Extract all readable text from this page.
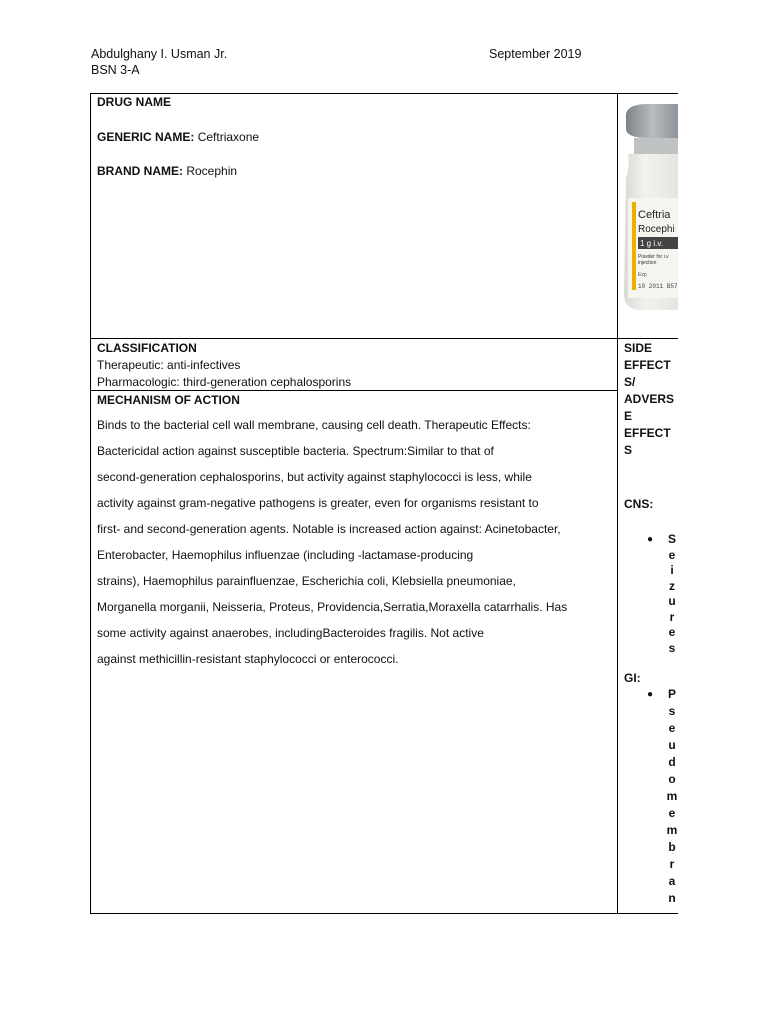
Abdulghany I. Usman Jr.
BSN 3-A
September 2019
DRUG NAME
GENERIC NAME: Ceftriaxone
BRAND NAME: Rocephin
Ceftria
Rocephi
1 g i.v.
Powder for i.v
injection
Exp
10 2011 B57
CLASSIFICATION
Therapeutic: anti-infectives
Pharmacologic: third-generation cephalosporins
MECHANISM OF ACTION

Binds to the bacterial cell wall membrane, causing cell death. Therapeutic Effects:

Bactericidal action against susceptible bacteria. Spectrum:Similar to that of

second-generation cephalosporins, but activity against staphylococci is less, while

activity against gram-negative pathogens is greater, even for organisms resistant to

first- and second-generation agents. Notable is increased action against: Acinetobacter,

Enterobacter, Haemophilus influenzae (including -lactamase-producing

strains), Haemophilus parainfluenzae, Escherichia coli, Klebsiella pneumoniae,

Morganella morganii, Neisseria, Proteus, Providencia,Serratia,Moraxella catarrhalis. Has

some activity against anaerobes, includingBacteroides fragilis. Not active

against methicillin-resistant staphylococci or enterococci.

SIDE
EFFECT
S/
ADVERS
E
EFFECT
S
CNS:
● S
e
i
z
u
r
e
s
GI:
● P
s
e
u
d
o
m
e
m
b
r
a
n
